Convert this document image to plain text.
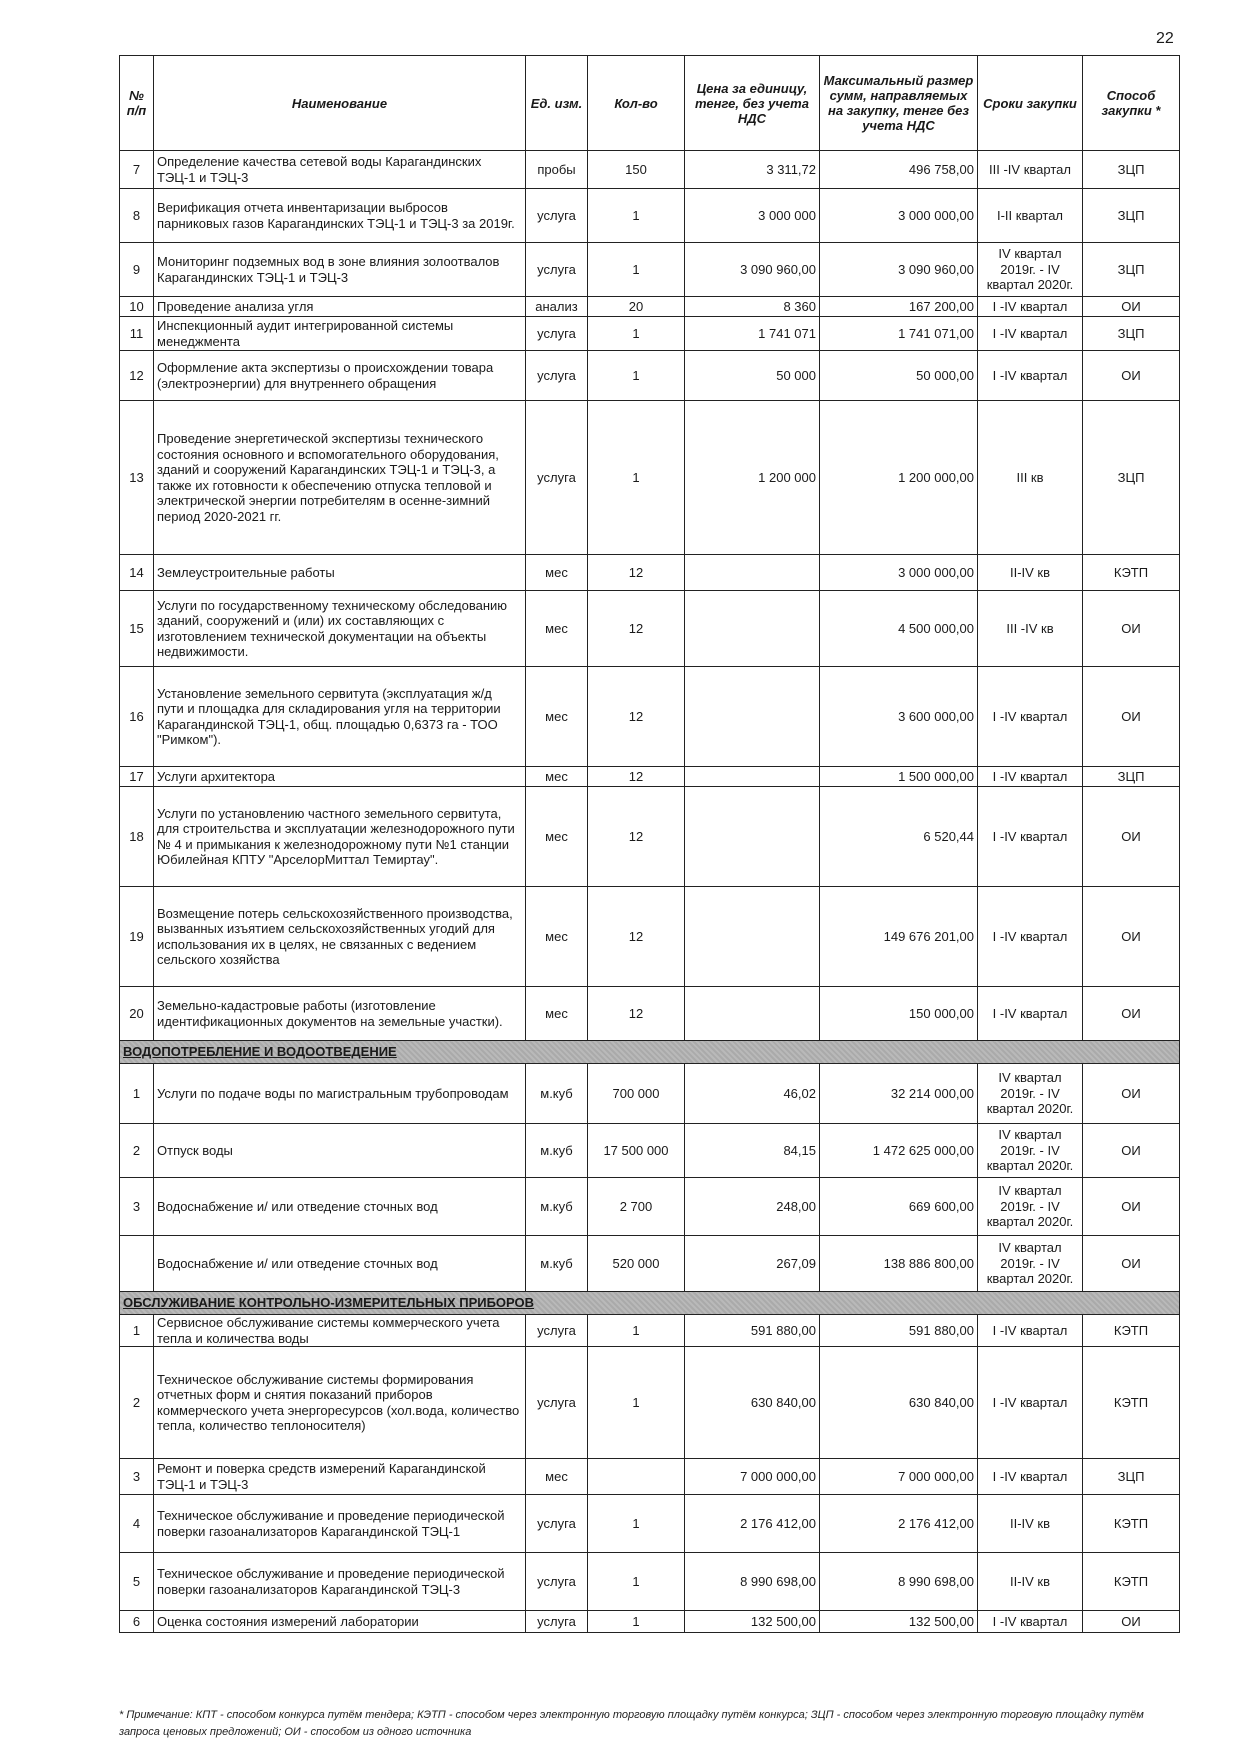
22
№ п/п	Наименование	Ед. изм.	Кол-во	Цена за единицу, тенге, без учета НДС	Максимальный размер сумм, направляемых на закупку, тенге без учета НДС	Сроки закупки	Способ закупки *
7	Определение качества сетевой воды Карагандинских ТЭЦ-1 и ТЭЦ-3	пробы	150	3 311,72	496 758,00	III -IV квартал	ЗЦП
8	Верификация отчета инвентаризации выбросов парниковых газов Карагандинских ТЭЦ-1 и ТЭЦ-3 за 2019г.	услуга	1	3 000 000	3 000 000,00	I-II квартал	ЗЦП
9	Мониторинг подземных вод в зоне влияния золоотвалов Карагандинских ТЭЦ-1 и ТЭЦ-3	услуга	1	3 090 960,00	3 090 960,00	IV квартал 2019г. - IV квартал 2020г.	ЗЦП
10	Проведение анализа угля	анализ	20	8 360	167 200,00	I -IV квартал	ОИ
11	Инспекционный аудит интегрированной системы менеджмента	услуга	1	1 741 071	1 741 071,00	I -IV квартал	ЗЦП
12	Оформление акта экспертизы о происхождении товара (электроэнергии) для внутреннего обращения	услуга	1	50 000	50 000,00	I -IV квартал	ОИ
13	Проведение энергетической экспертизы технического состояния основного и вспомогательного оборудования, зданий и сооружений Карагандинских ТЭЦ-1 и ТЭЦ-3, а также их готовности к обеспечению отпуска тепловой и электрической энергии потребителям в осенне-зимний период 2020-2021 гг.	услуга	1	1 200 000	1 200 000,00	III кв	ЗЦП
14	Землеустроительные работы	мес	12		3 000 000,00	II-IV кв	КЭТП
15	Услуги по государственному техническому обследованию зданий, сооружений и (или) их составляющих с изготовлением технической документации на объекты недвижимости.	мес	12		4 500 000,00	III -IV кв	ОИ
16	Установление земельного сервитута (эксплуатация ж/д пути и площадка для складирования угля на территории Карагандинской ТЭЦ-1, общ. площадью 0,6373 га - ТОО "Римком").	мес	12		3 600 000,00	I -IV квартал	ОИ
17	Услуги архитектора	мес	12		1 500 000,00	I -IV квартал	ЗЦП
18	Услуги по установлению частного земельного сервитута, для строительства и эксплуатации железнодорожного пути № 4 и примыкания к железнодорожному пути №1 станции Юбилейная КПТУ "АрселорМиттал Темиртау".	мес	12		6 520,44	I -IV квартал	ОИ
19	Возмещение потерь сельскохозяйственного производства, вызванных изъятием сельскохозяйственных угодий для использования их в целях, не связанных с ведением сельского хозяйства	мес	12		149 676 201,00	I -IV квартал	ОИ
20	Земельно-кадастровые работы (изготовление идентификационных документов на земельные участки).	мес	12		150 000,00	I -IV квартал	ОИ
ВОДОПОТРЕБЛЕНИЕ И ВОДООТВЕДЕНИЕ							
1	Услуги по подаче воды по магистральным трубопроводам	м.куб	700 000	46,02	32 214 000,00	IV квартал 2019г. - IV квартал 2020г.	ОИ
2	Отпуск воды	м.куб	17 500 000	84,15	1 472 625 000,00	IV квартал 2019г. - IV квартал 2020г.	ОИ
3	Водоснабжение и/ или отведение сточных вод	м.куб	2 700	248,00	669 600,00	IV квартал 2019г. - IV квартал 2020г.	ОИ
	Водоснабжение и/ или отведение сточных вод	м.куб	520 000	267,09	138 886 800,00	IV квартал 2019г. - IV квартал 2020г.	ОИ
ОБСЛУЖИВАНИЕ КОНТРОЛЬНО-ИЗМЕРИТЕЛЬНЫХ ПРИБОРОВ							
1	Сервисное обслуживание системы коммерческого учета тепла и количества воды	услуга	1	591 880,00	591 880,00	I -IV квартал	КЭТП
2	Техническое обслуживание системы формирования отчетных форм и снятия показаний приборов коммерческого учета энергоресурсов (хол.вода, количество тепла, количество теплоносителя)	услуга	1	630 840,00	630 840,00	I -IV квартал	КЭТП
3	Ремонт и поверка средств измерений Карагандинской ТЭЦ-1 и ТЭЦ-3	мес		7 000 000,00	7 000 000,00	I -IV квартал	ЗЦП
4	Техническое обслуживание и проведение периодической поверки газоанализаторов Карагандинской ТЭЦ-1	услуга	1	2 176 412,00	2 176 412,00	II-IV кв	КЭТП
5	Техническое обслуживание и проведение периодической поверки газоанализаторов Карагандинской ТЭЦ-3	услуга	1	8 990 698,00	8 990 698,00	II-IV кв	КЭТП
6	Оценка состояния измерений лаборатории	услуга	1	132 500,00	132 500,00	I -IV квартал	ОИ
* Примечание: КПТ - способом конкурса путём тендера; КЭТП - способом через электронную торговую площадку путём конкурса; ЗЦП - способом через электронную торговую площадку путём запроса ценовых предложений; ОИ - способом из одного источника
